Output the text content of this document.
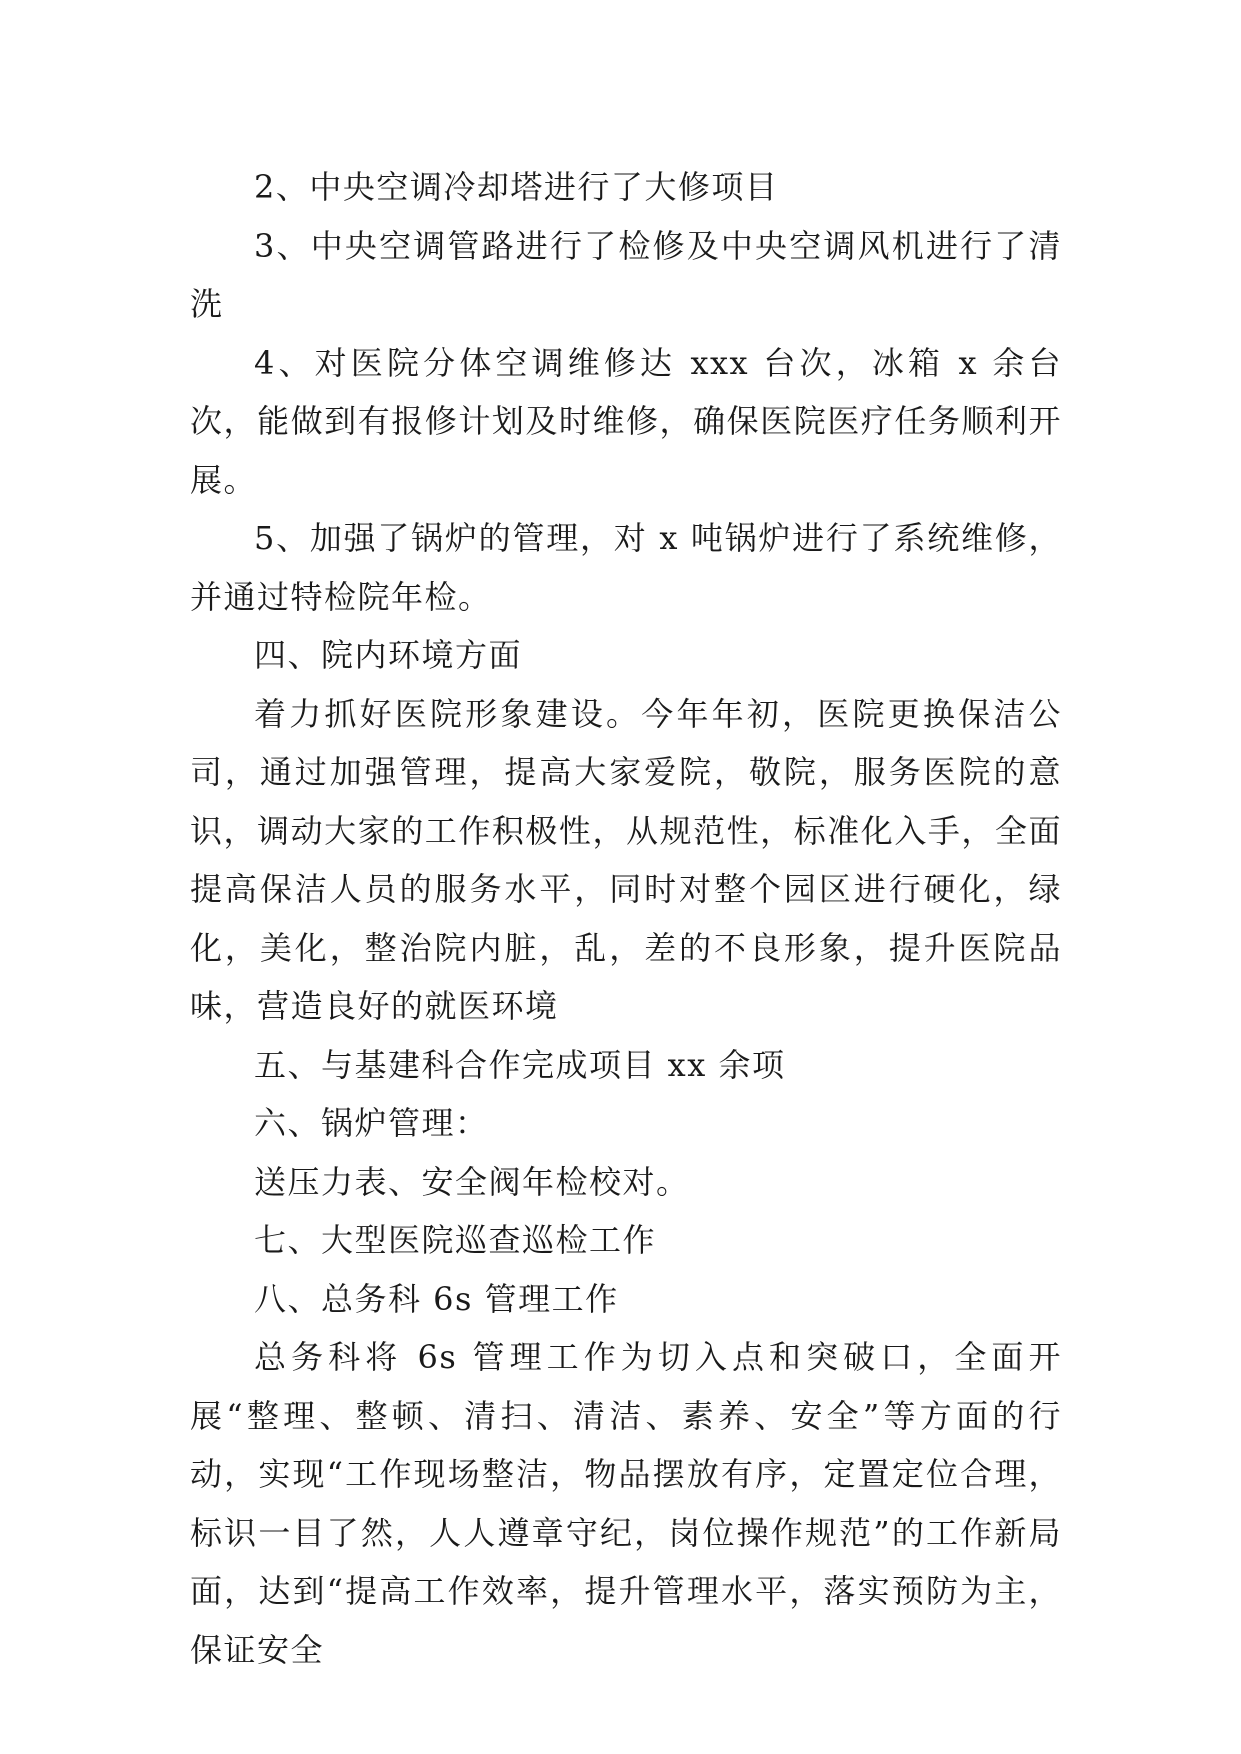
2、中央空调冷却塔进行了大修项目

3、中央空调管路进行了检修及中央空调风机进行了清洗

4、对医院分体空调维修达 xxx 台次，冰箱 x 余台次，能做到有报修计划及时维修，确保医院医疗任务顺利开展。

5、加强了锅炉的管理，对 x 吨锅炉进行了系统维修，并通过特检院年检。

四、院内环境方面

着力抓好医院形象建设。今年年初，医院更换保洁公司，通过加强管理，提高大家爱院，敬院，服务医院的意识，调动大家的工作积极性，从规范性，标准化入手，全面提高保洁人员的服务水平，同时对整个园区进行硬化，绿化，美化，整治院内脏，乱，差的不良形象，提升医院品味，营造良好的就医环境

五、与基建科合作完成项目 xx 余项

六、锅炉管理：

送压力表、安全阀年检校对。

七、大型医院巡查巡检工作

八、总务科 6s 管理工作

总务科将 6s 管理工作为切入点和突破口，全面开展“整理、整顿、清扫、清洁、素养、安全”等方面的行动，实现“工作现场整洁，物品摆放有序，定置定位合理，标识一目了然，人人遵章守纪，岗位操作规范”的工作新局面，达到“提高工作效率，提升管理水平，落实预防为主，保证安全
